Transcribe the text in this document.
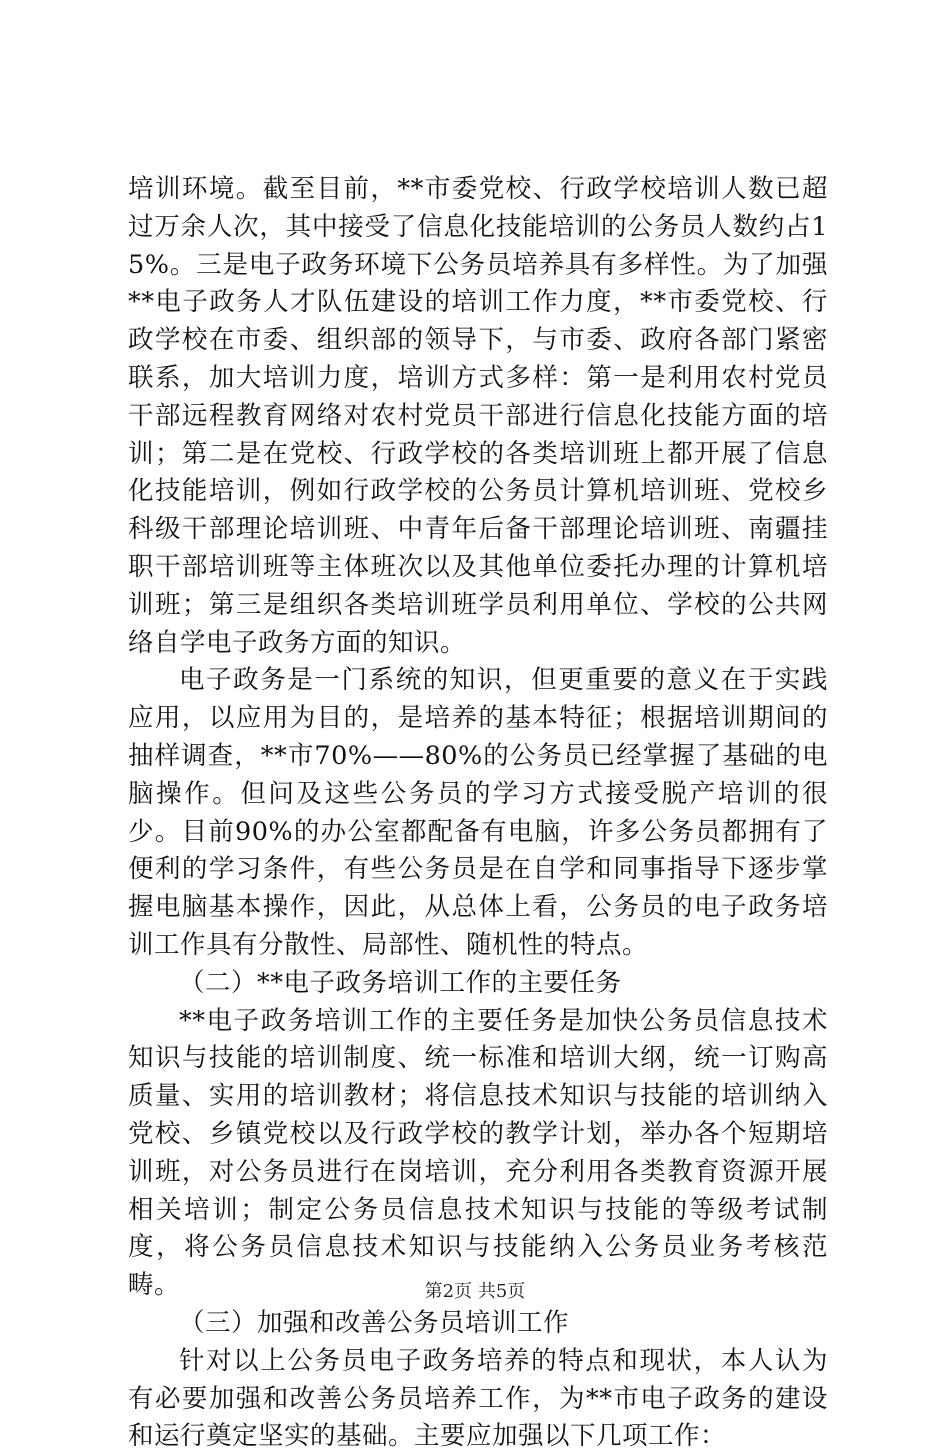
培训环境。截至目前，**市委党校、行政学校培训人数已超过万余人次，其中接受了信息化技能培训的公务员人数约占15%。三是电子政务环境下公务员培养具有多样性。为了加强**电子政务人才队伍建设的培训工作力度，**市委党校、行政学校在市委、组织部的领导下，与市委、政府各部门紧密联系，加大培训力度，培训方式多样：第一是利用农村党员干部远程教育网络对农村党员干部进行信息化技能方面的培训；第二是在党校、行政学校的各类培训班上都开展了信息化技能培训，例如行政学校的公务员计算机培训班、党校乡科级干部理论培训班、中青年后备干部理论培训班、南疆挂职干部培训班等主体班次以及其他单位委托办理的计算机培训班；第三是组织各类培训班学员利用单位、学校的公共网络自学电子政务方面的知识。

电子政务是一门系统的知识，但更重要的意义在于实践应用，以应用为目的，是培养的基本特征；根据培训期间的抽样调查，**市70%——80%的公务员已经掌握了基础的电脑操作。但问及这些公务员的学习方式接受脱产培训的很少。目前90%的办公室都配备有电脑，许多公务员都拥有了便利的学习条件，有些公务员是在自学和同事指导下逐步掌握电脑基本操作，因此，从总体上看，公务员的电子政务培训工作具有分散性、局部性、随机性的特点。

（二）**电子政务培训工作的主要任务

**电子政务培训工作的主要任务是加快公务员信息技术知识与技能的培训制度、统一标准和培训大纲，统一订购高质量、实用的培训教材；将信息技术知识与技能的培训纳入党校、乡镇党校以及行政学校的教学计划，举办各个短期培训班，对公务员进行在岗培训，充分利用各类教育资源开展相关培训；制定公务员信息技术知识与技能的等级考试制度，将公务员信息技术知识与技能纳入公务员业务考核范畴。

（三）加强和改善公务员培训工作

针对以上公务员电子政务培养的特点和现状，本人认为有必要加强和改善公务员培养工作，为**市电子政务的建设和运行奠定坚实的基础。主要应加强以下几项工作：

第2页 共5页
